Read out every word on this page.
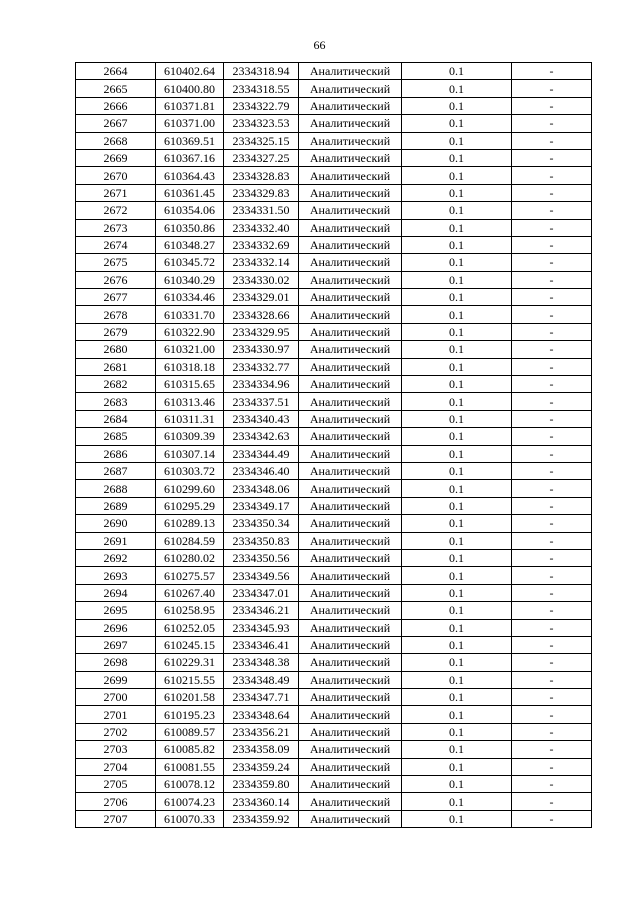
66
2664	610402.64	2334318.94	Аналитический	0.1	-
2665	610400.80	2334318.55	Аналитический	0.1	-
2666	610371.81	2334322.79	Аналитический	0.1	-
2667	610371.00	2334323.53	Аналитический	0.1	-
2668	610369.51	2334325.15	Аналитический	0.1	-
2669	610367.16	2334327.25	Аналитический	0.1	-
2670	610364.43	2334328.83	Аналитический	0.1	-
2671	610361.45	2334329.83	Аналитический	0.1	-
2672	610354.06	2334331.50	Аналитический	0.1	-
2673	610350.86	2334332.40	Аналитический	0.1	-
2674	610348.27	2334332.69	Аналитический	0.1	-
2675	610345.72	2334332.14	Аналитический	0.1	-
2676	610340.29	2334330.02	Аналитический	0.1	-
2677	610334.46	2334329.01	Аналитический	0.1	-
2678	610331.70	2334328.66	Аналитический	0.1	-
2679	610322.90	2334329.95	Аналитический	0.1	-
2680	610321.00	2334330.97	Аналитический	0.1	-
2681	610318.18	2334332.77	Аналитический	0.1	-
2682	610315.65	2334334.96	Аналитический	0.1	-
2683	610313.46	2334337.51	Аналитический	0.1	-
2684	610311.31	2334340.43	Аналитический	0.1	-
2685	610309.39	2334342.63	Аналитический	0.1	-
2686	610307.14	2334344.49	Аналитический	0.1	-
2687	610303.72	2334346.40	Аналитический	0.1	-
2688	610299.60	2334348.06	Аналитический	0.1	-
2689	610295.29	2334349.17	Аналитический	0.1	-
2690	610289.13	2334350.34	Аналитический	0.1	-
2691	610284.59	2334350.83	Аналитический	0.1	-
2692	610280.02	2334350.56	Аналитический	0.1	-
2693	610275.57	2334349.56	Аналитический	0.1	-
2694	610267.40	2334347.01	Аналитический	0.1	-
2695	610258.95	2334346.21	Аналитический	0.1	-
2696	610252.05	2334345.93	Аналитический	0.1	-
2697	610245.15	2334346.41	Аналитический	0.1	-
2698	610229.31	2334348.38	Аналитический	0.1	-
2699	610215.55	2334348.49	Аналитический	0.1	-
2700	610201.58	2334347.71	Аналитический	0.1	-
2701	610195.23	2334348.64	Аналитический	0.1	-
2702	610089.57	2334356.21	Аналитический	0.1	-
2703	610085.82	2334358.09	Аналитический	0.1	-
2704	610081.55	2334359.24	Аналитический	0.1	-
2705	610078.12	2334359.80	Аналитический	0.1	-
2706	610074.23	2334360.14	Аналитический	0.1	-
2707	610070.33	2334359.92	Аналитический	0.1	-
